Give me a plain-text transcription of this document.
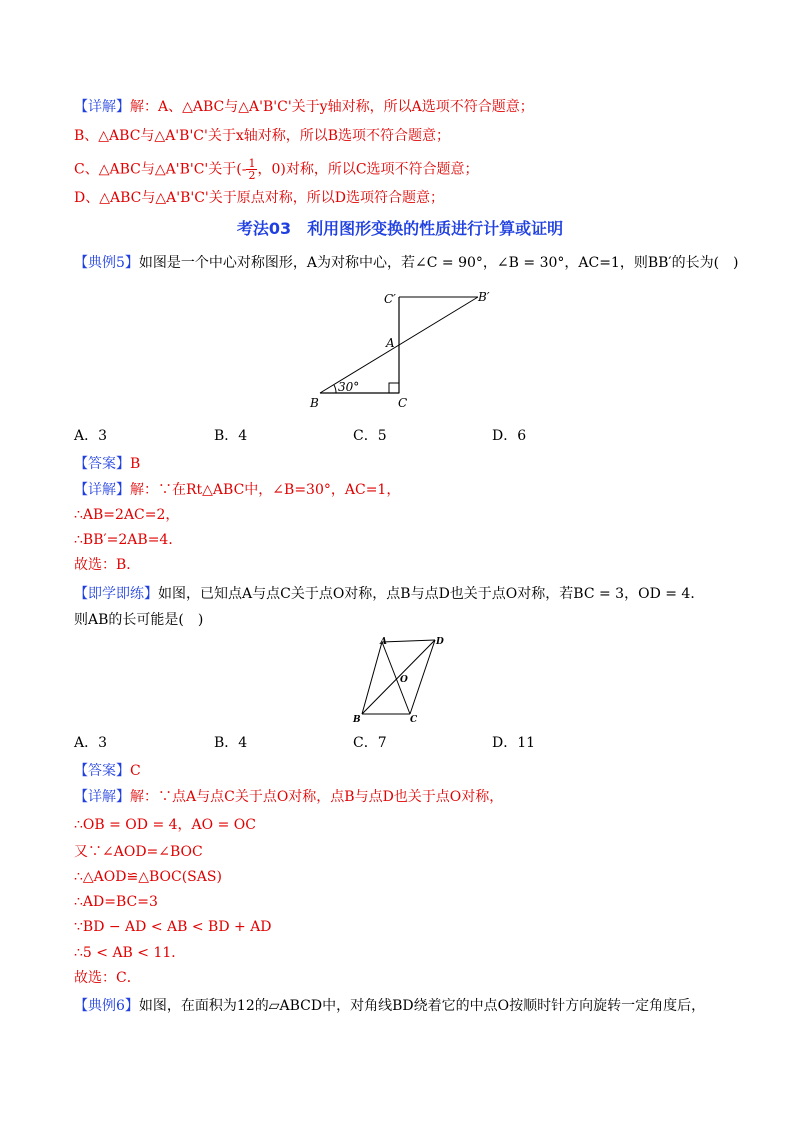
【详解】解：A、△ABC与△A'B'C'关于y轴对称，所以A选项不符合题意；
B、△ABC与△A'B'C'关于x轴对称，所以B选项不符合题意；
C、△ABC与△A'B'C'关于(- $\frac{1}{2}$ ，0)对称，所以C选项不符合题意；
D、△ABC与△A'B'C'关于原点对称，所以D选项符合题意；
考法03　利用图形变换的性质进行计算或证明
【典例5】如图是一个中心对称图形，A为对称中心，若∠C = 90°，∠B = 30°，AC=1，则BB′的长为(　)
30°
C′	B′
A
B	C
A．3	B．4	C．5	D．6
【答案】B
【详解】解：∵在Rt△ABC中，∠B=30°，AC=1，
∴AB=2AC=2，
∴BB′=2AB=4．
故选：B．
【即学即练】如图，已知点A与点C关于点O对称，点B与点D也关于点O对称，若BC = 3，OD = 4．
则AB的长可能是(　)
A	D
O
B	C
A．3	B．4	C．7	D．11
【答案】C
【详解】解：∵点A与点C关于点O对称，点B与点D也关于点O对称，
∴OB = OD = 4，AO = OC
又∵∠AOD=∠BOC
∴△AOD≌△BOC(SAS)
∴AD=BC=3
∵BD − AD < AB < BD + AD
∴5 < AB < 11．
故选：C．
【典例6】如图，在面积为12的▱ABCD中，对角线BD绕着它的中点O按顺时针方向旋转一定角度后，
